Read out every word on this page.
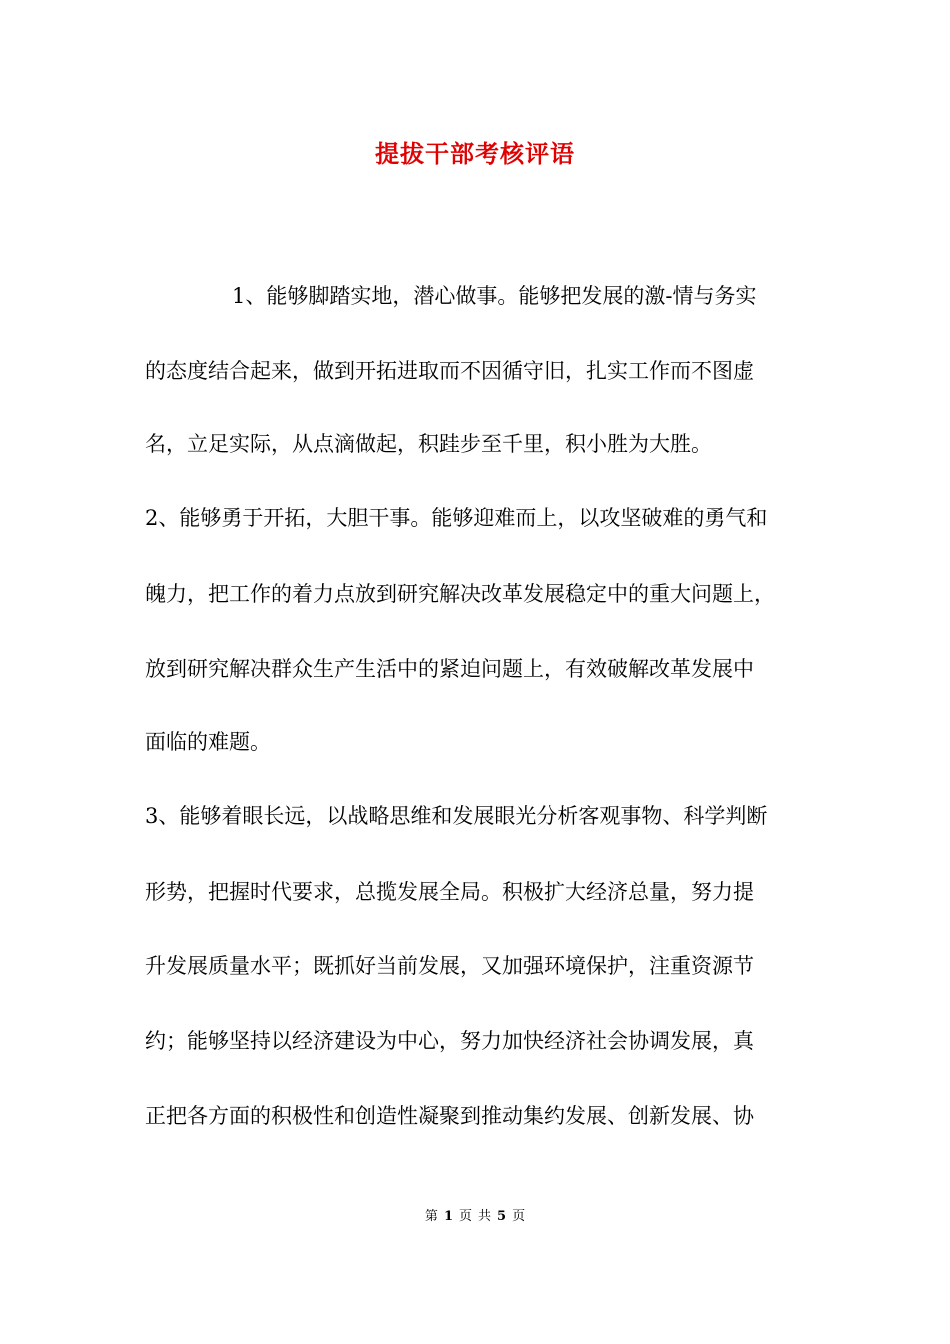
提拔干部考核评语
1、能够脚踏实地，潜心做事。能够把发展的激-情与务实
的态度结合起来，做到开拓进取而不因循守旧，扎实工作而不图虚
名，立足实际，从点滴做起，积跬步至千里，积小胜为大胜。
2、能够勇于开拓，大胆干事。能够迎难而上，以攻坚破难的勇气和
魄力，把工作的着力点放到研究解决改革发展稳定中的重大问题上，
放到研究解决群众生产生活中的紧迫问题上，有效破解改革发展中
面临的难题。
3、能够着眼长远，以战略思维和发展眼光分析客观事物、科学判断
形势，把握时代要求，总揽发展全局。积极扩大经济总量，努力提
升发展质量水平；既抓好当前发展，又加强环境保护，注重资源节
约；能够坚持以经济建设为中心，努力加快经济社会协调发展，真
正把各方面的积极性和创造性凝聚到推动集约发展、创新发展、协
第 1 页 共 5 页
